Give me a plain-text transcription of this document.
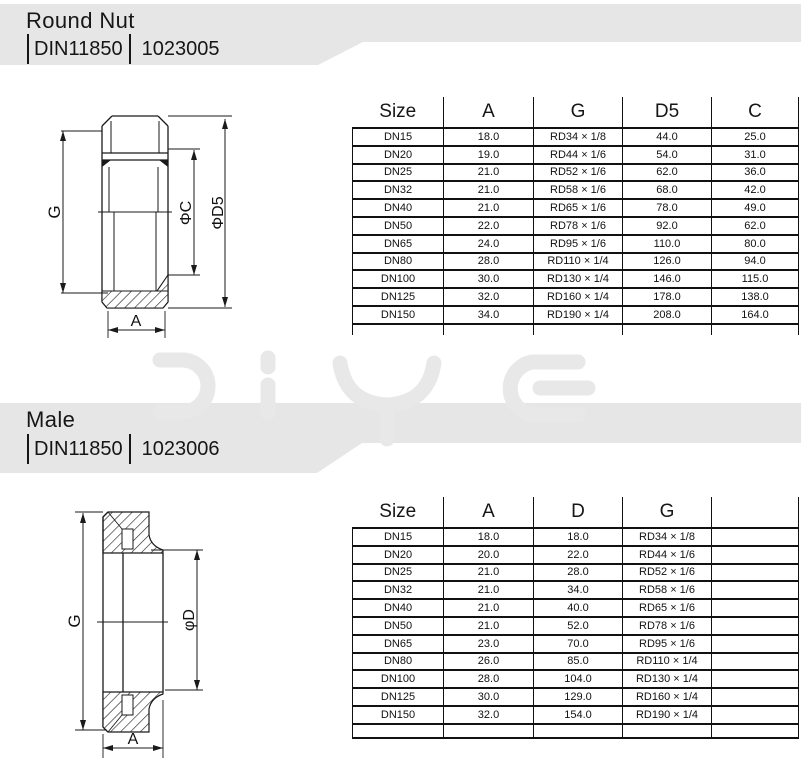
Round Nut
DIN11850 1023005
Male
DIN11850 1023006
G	ΦC ΦD5
A
G	φD
A
Size	A	G	D5	C
DN15	18.0	RD34 × 1/8	44.0	25.0
DN20	19.0	RD44 × 1/6	54.0	31.0
DN25	21.0	RD52 × 1/6	62.0	36.0
DN32	21.0	RD58 × 1/6	68.0	42.0
DN40	21.0	RD65 × 1/6	78.0	49.0
DN50	22.0	RD78 × 1/6	92.0	62.0
DN65	24.0	RD95 × 1/6	110.0	80.0
DN80	28.0	RD110 × 1/4	126.0	94.0
DN100	30.0	RD130 × 1/4	146.0	115.0
DN125	32.0	RD160 × 1/4	178.0	138.0
DN150	34.0	RD190 × 1/4	208.0	164.0

Size	A	D	G	
DN15	18.0	18.0	RD34 × 1/8	
DN20	20.0	22.0	RD44 × 1/6	
DN25	21.0	28.0	RD52 × 1/6	
DN32	21.0	34.0	RD58 × 1/6	
DN40	21.0	40.0	RD65 × 1/6	
DN50	21.0	52.0	RD78 × 1/6	
DN65	23.0	70.0	RD95 × 1/6	
DN80	26.0	85.0	RD110 × 1/4	
DN100	28.0	104.0	RD130 × 1/4	
DN125	30.0	129.0	RD160 × 1/4	
DN150	32.0	154.0	RD190 × 1/4	
